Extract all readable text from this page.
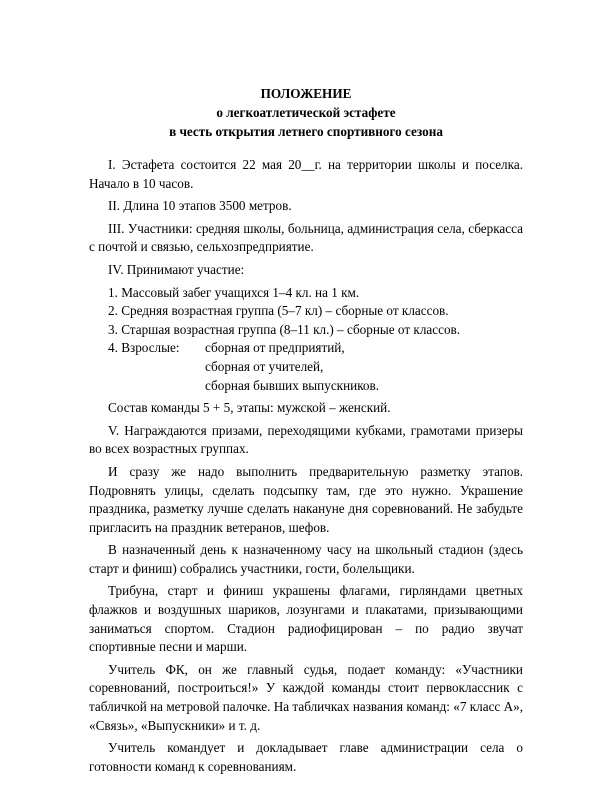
ПОЛОЖЕНИЕ
о легкоатлетической эстафете
в честь открытия летнего спортивного сезона

I. Эстафета состоится 22 мая 20__г. на территории школы и поселка. Начало в 10 часов.

II. Длина 10 этапов 3500 метров.

III. Участники: средняя школы, больница, администрация села, сберкасса с почтой и связью, сельхозпредприятие.

IV. Принимают участие:

1. Массовый забег учащихся 1–4 кл. на 1 км.

2. Средняя возрастная группа (5–7 кл) – сборные от классов.

3. Старшая возрастная группа (8–11 кл.) – сборные от классов.

4. Взрослые:	сборная от предприятий,
сборная от учителей,
сборная бывших выпускников.

Состав команды 5 + 5, этапы: мужской – женский.

V. Награждаются призами, переходящими кубками, грамотами призеры во всех возрастных группах.

И сразу же надо выполнить предварительную разметку этапов. Подровнять улицы, сделать подсыпку там, где это нужно. Украшение праздника, разметку лучше сделать накануне дня соревнований. Не забудьте пригласить на праздник ветеранов, шефов.

В назначенный день к назначенному часу на школьный стадион (здесь старт и финиш) собрались участники, гости, болельщики.

Трибуна, старт и финиш украшены флагами, гирляндами цветных флажков и воздушных шариков, лозунгами и плакатами, призывающими заниматься спортом. Стадион радиофицирован – по радио звучат спортивные песни и марши.

Учитель ФК, он же главный судья, подает команду: «Участники соревнований, построиться!» У каждой команды стоит первоклассник с табличкой на метровой палочке. На табличках названия команд: «7 класс А», «Связь», «Выпускники» и т. д.

Учитель командует и докладывает главе администрации села о готовности команд к соревнованиям.
